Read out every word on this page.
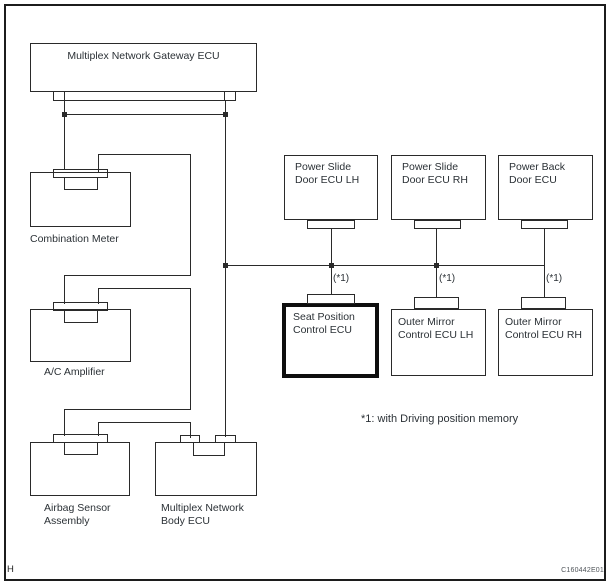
Multiplex Network Gateway ECU
Combination Meter
A/C Amplifier
Airbag Sensor
Assembly
Multiplex Network
Body ECU
Power Slide
Door ECU LH
Power Slide
Door ECU RH
Power Back
Door ECU
Seat Position
Control ECU
Outer Mirror
Control ECU LH
Outer Mirror
Control ECU RH
(*1)	(*1)	(*1)
*1: with Driving position memory
C160442E01
H
